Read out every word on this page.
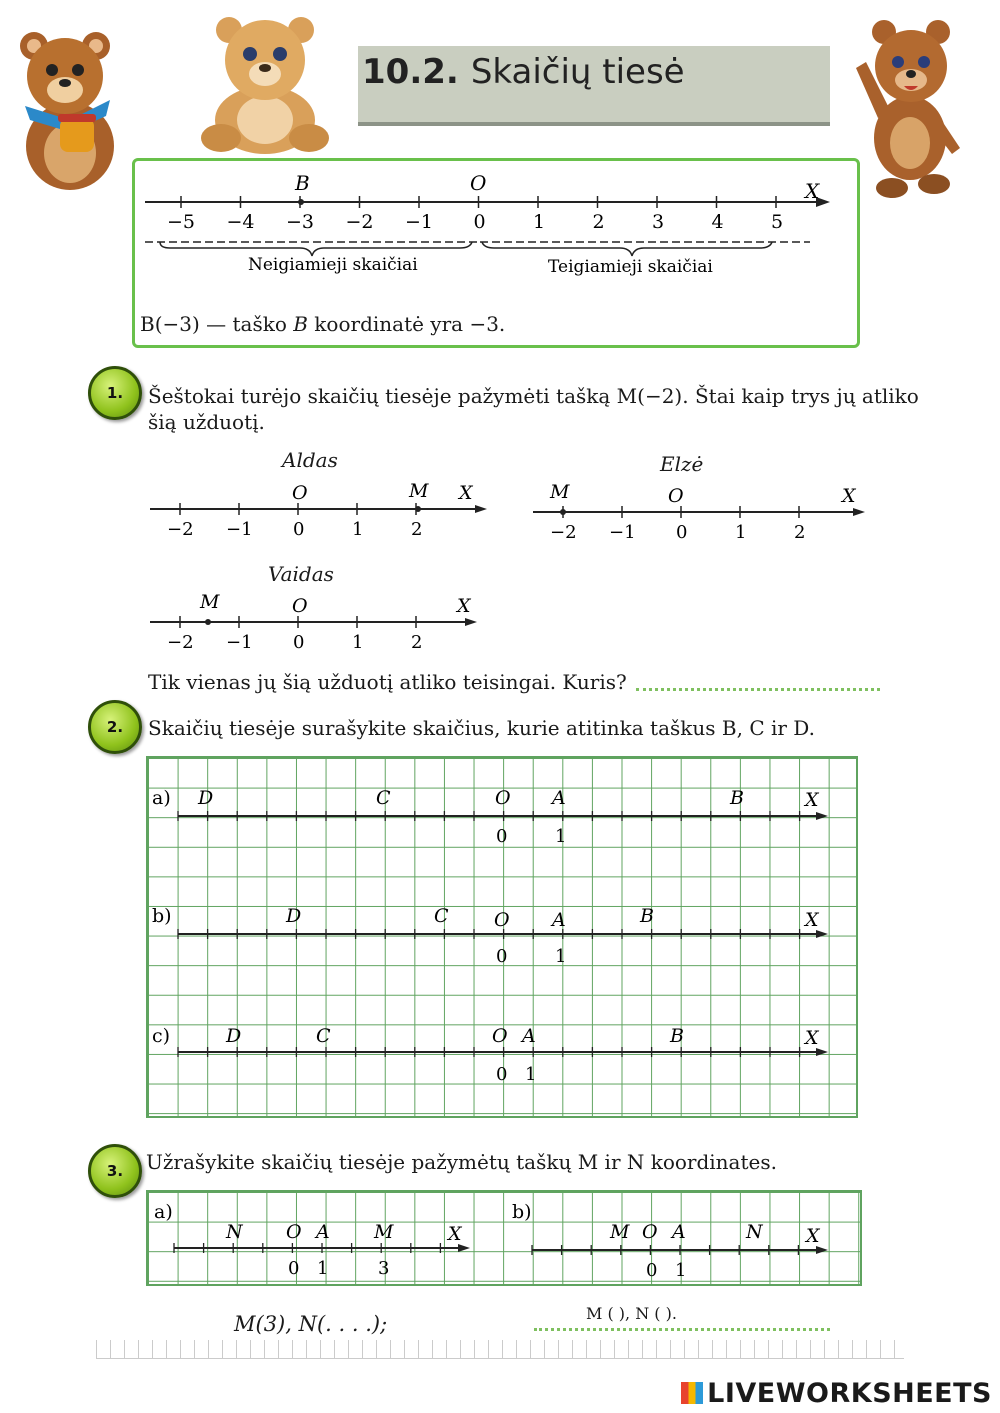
10.2. Skaičių tiesė
X
B	O
−5 −4 −3 −2 −1 0 1 2 3 4 5
Neigiamieji skaičiai	Teigiamieji skaičiai
B(−3) — taško B koordinatė yra −3.
1.	Šeštokai turėjo skaičių tiesėje pažymėti tašką M(−2). Štai kaip trys jų atliko
šią užduotį.
Aldas
O	M X
−2 −1 0	1	2
Elzė
O
M	X
−2 −1 0	1	2
Vaidas
O
M	X
−2 −1 0	1	2
Tik vienas jų šią užduotį atliko teisingai. Kuris?
2.	Skaičių tiesėje surašykite skaičius, kurie atitinka taškus B, C ir D.
a) D	C	O A	B	X
0	1
b)	D	C O A	B	X
0	1
c)	D	C	O A	B	X
0 1
3.	Užrašykite skaičių tiesėje pažymėtų taškų M ir N koordinates.
a)
N O A M	X
0 1	3
b)
M O A	N X
0 1
M(3), N(. . . .);	M ( ), N ( ).
LIVEWORKSHEETS
